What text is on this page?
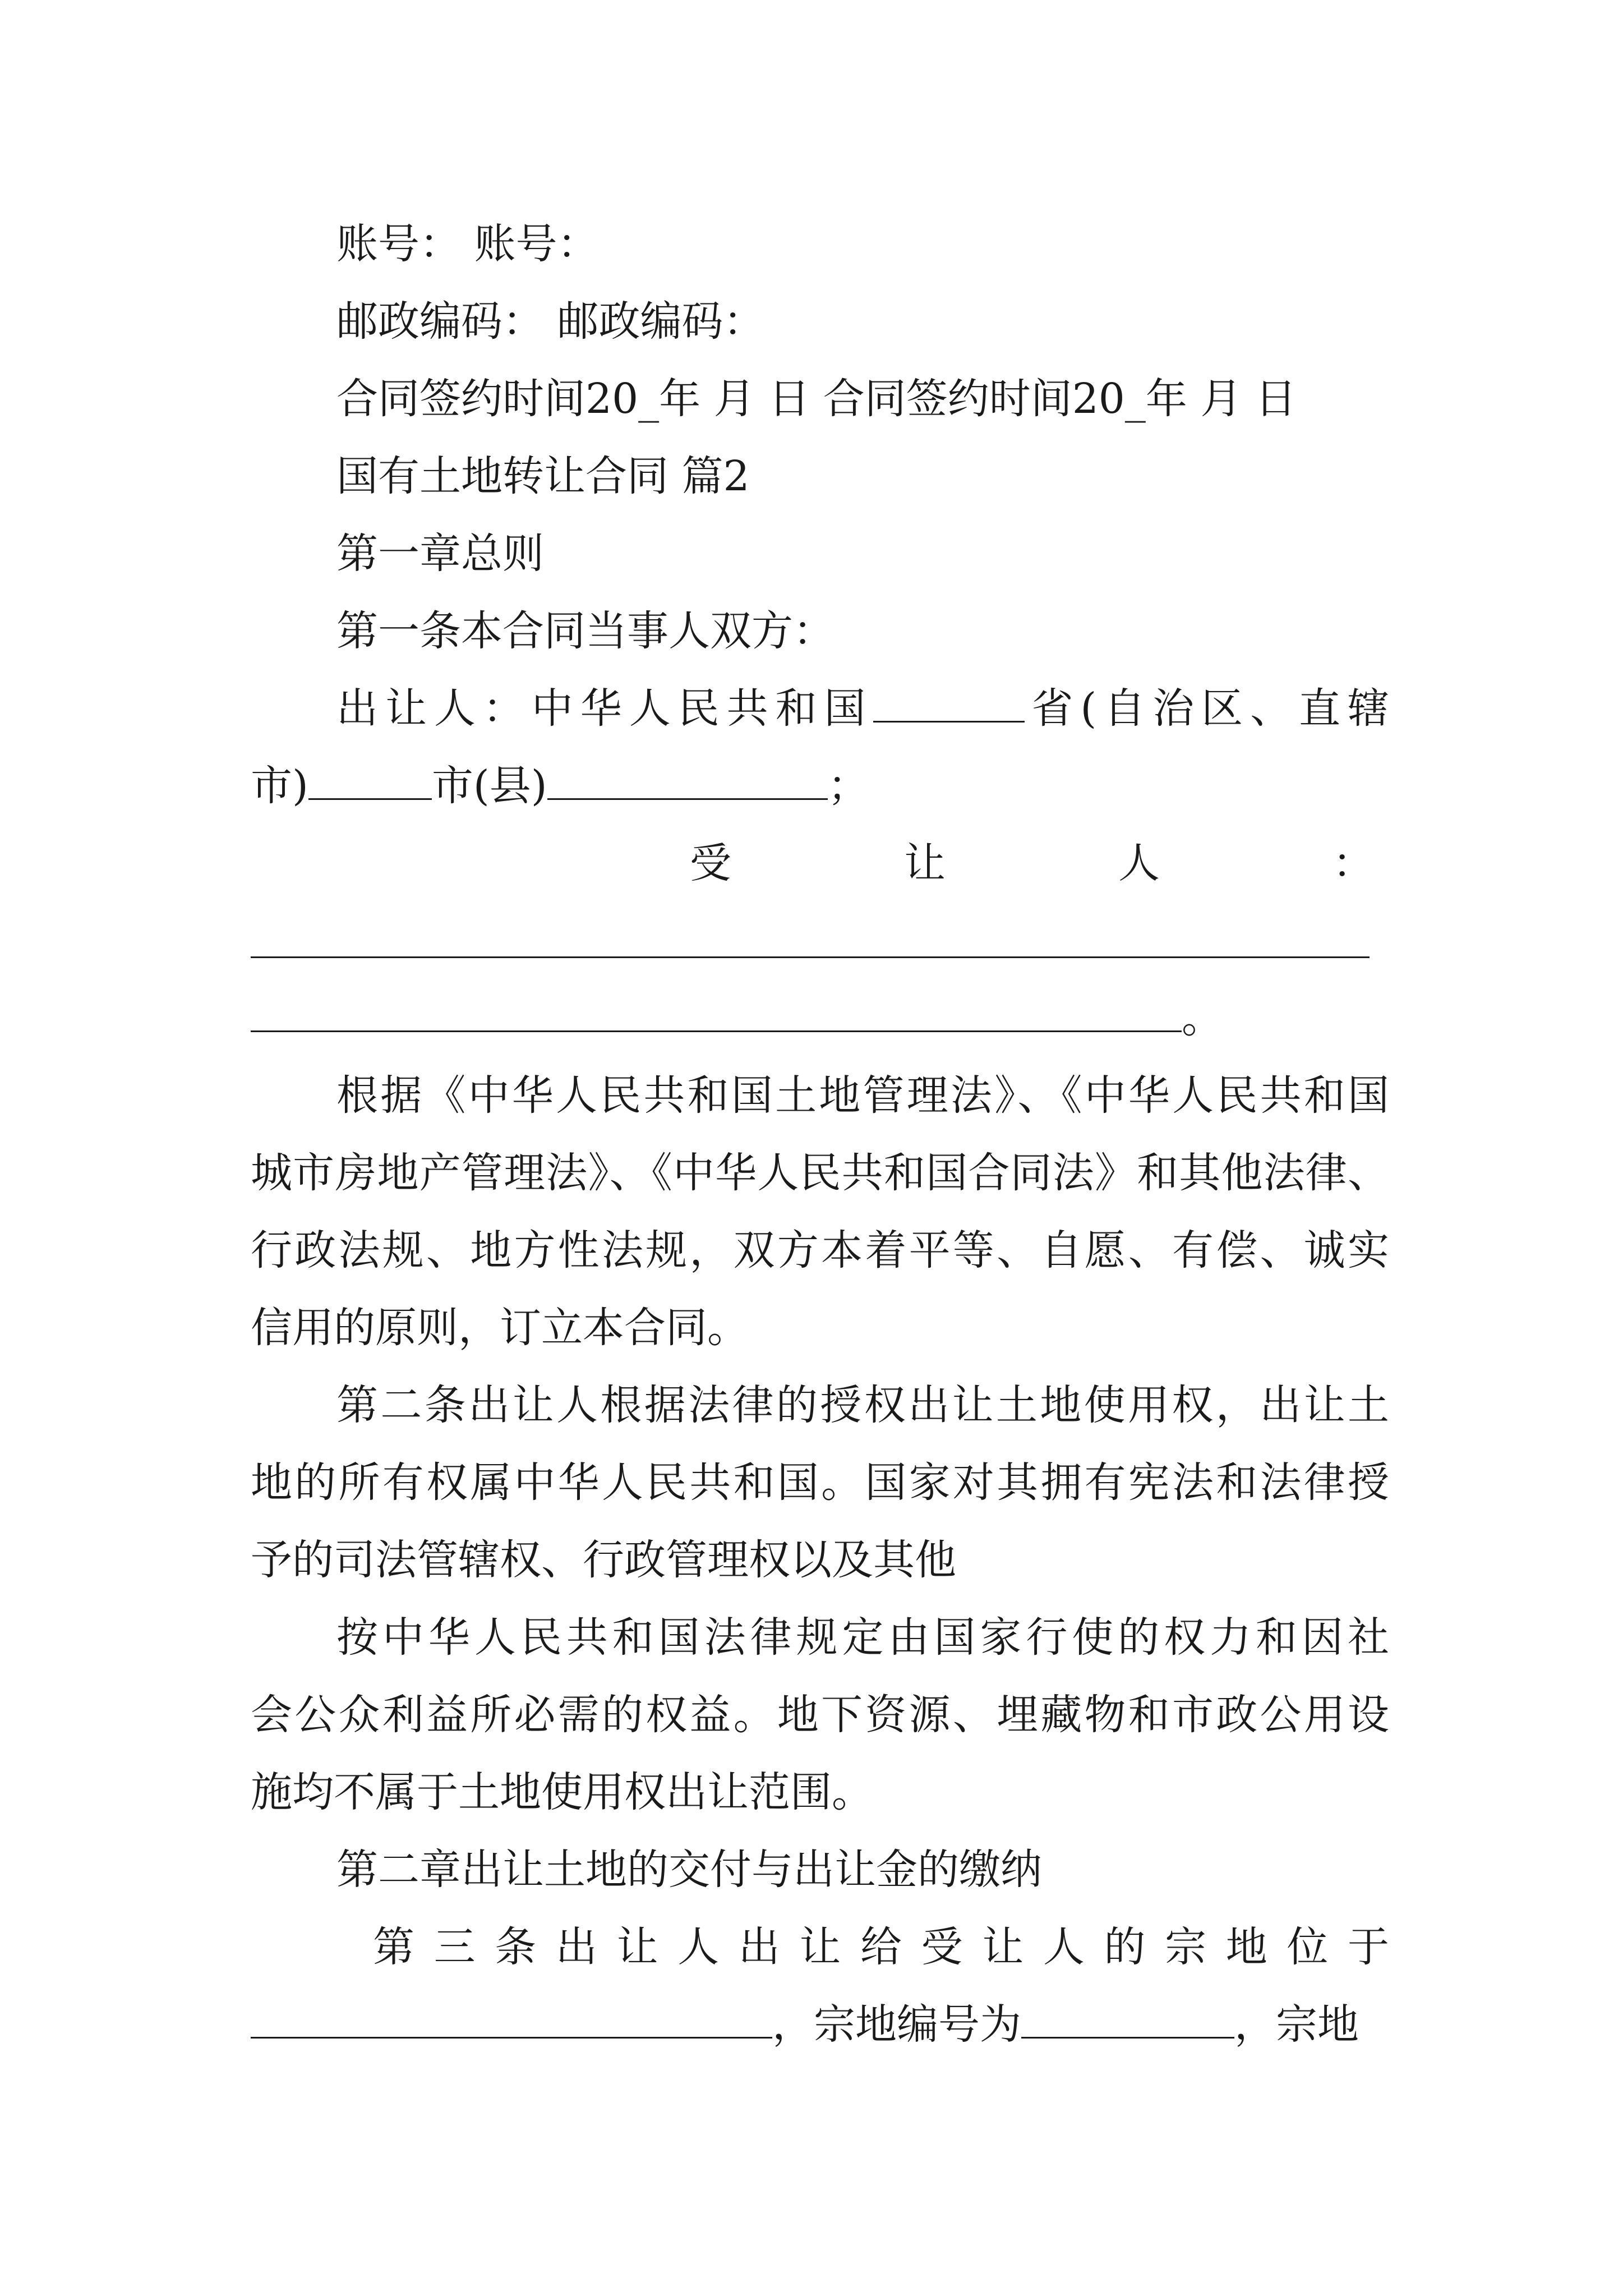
账号： 账号：
邮政编码： 邮政编码：
合同签约时间20_年 月 日 合同签约时间20_年 月 日
国有土地转让合同 篇2
第一章总则
第一条本合同当事人双方：
出让人：中华人民共和国	省(自治区、直辖
市)	市(县)	；
受 让 人 ：
。
根据《中华人民共和国土地管理法》、《中华人民共和国
城市房地产管理法》、《中华人民共和国合同法》和其他法律、
行政法规、地方性法规，双方本着平等、自愿、有偿、诚实
信用的原则，订立本合同。
第二条出让人根据法律的授权出让土地使用权，出让土
地的所有权属中华人民共和国。国家对其拥有宪法和法律授
予的司法管辖权、行政管理权以及其他
按中华人民共和国法律规定由国家行使的权力和因社
会公众利益所必需的权益。地下资源、埋藏物和市政公用设
施均不属于土地使用权出让范围。
第二章出让土地的交付与出让金的缴纳
第三条出让人出让给受让人的宗地位于
，宗地编号为	，宗地
